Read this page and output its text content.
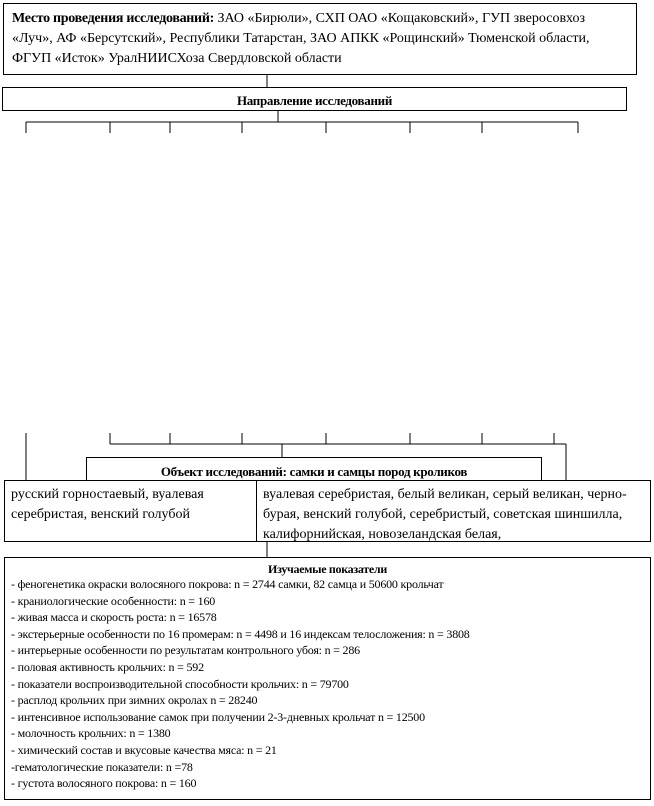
Место проведения исследований: ЗАО «Бирюли», СХП ОАО «Кощаковский», ГУП зверосовхоз «Луч», АФ «Берсутский», Республики Татарстан, ЗАО АПКК «Рощинский» Тюменской области, ФГУП «Исток» УралНИИСХоза Свердловской области
Направление исследований
Объект исследований: самки и самцы пород кроликов
русский горностаевый, вуалевая серебристая, венский голубой
вуалевая серебристая, белый великан, серый великан, черно-бурая, венский голубой, серебристый, советская шиншилла, калифорнийская, новозеландская белая,
Изучаемые показатели
- феногенетика окраски волосяного покрова: n = 2744 самки, 82 самца и 50600 крольчат
- краниологические особенности: n = 160
- живая масса и скорость роста: n = 16578
- экстерьерные особенности по 16 промерам: n = 4498 и 16 индексам телосложения: n = 3808
- интерьерные особенности по результатам контрольного убоя: n = 286
- половая активность крольчих: n = 592
- показатели воспроизводительной способности крольчих: n = 79700
- расплод крольчих при зимних окролах n = 28240
- интенсивное использование самок при получении 2-3-дневных крольчат n = 12500
- молочность крольчих: n = 1380
- химический состав и вкусовые качества мяса: n = 21
-гематологические показатели: n =78
- густота волосяного покрова: n = 160
